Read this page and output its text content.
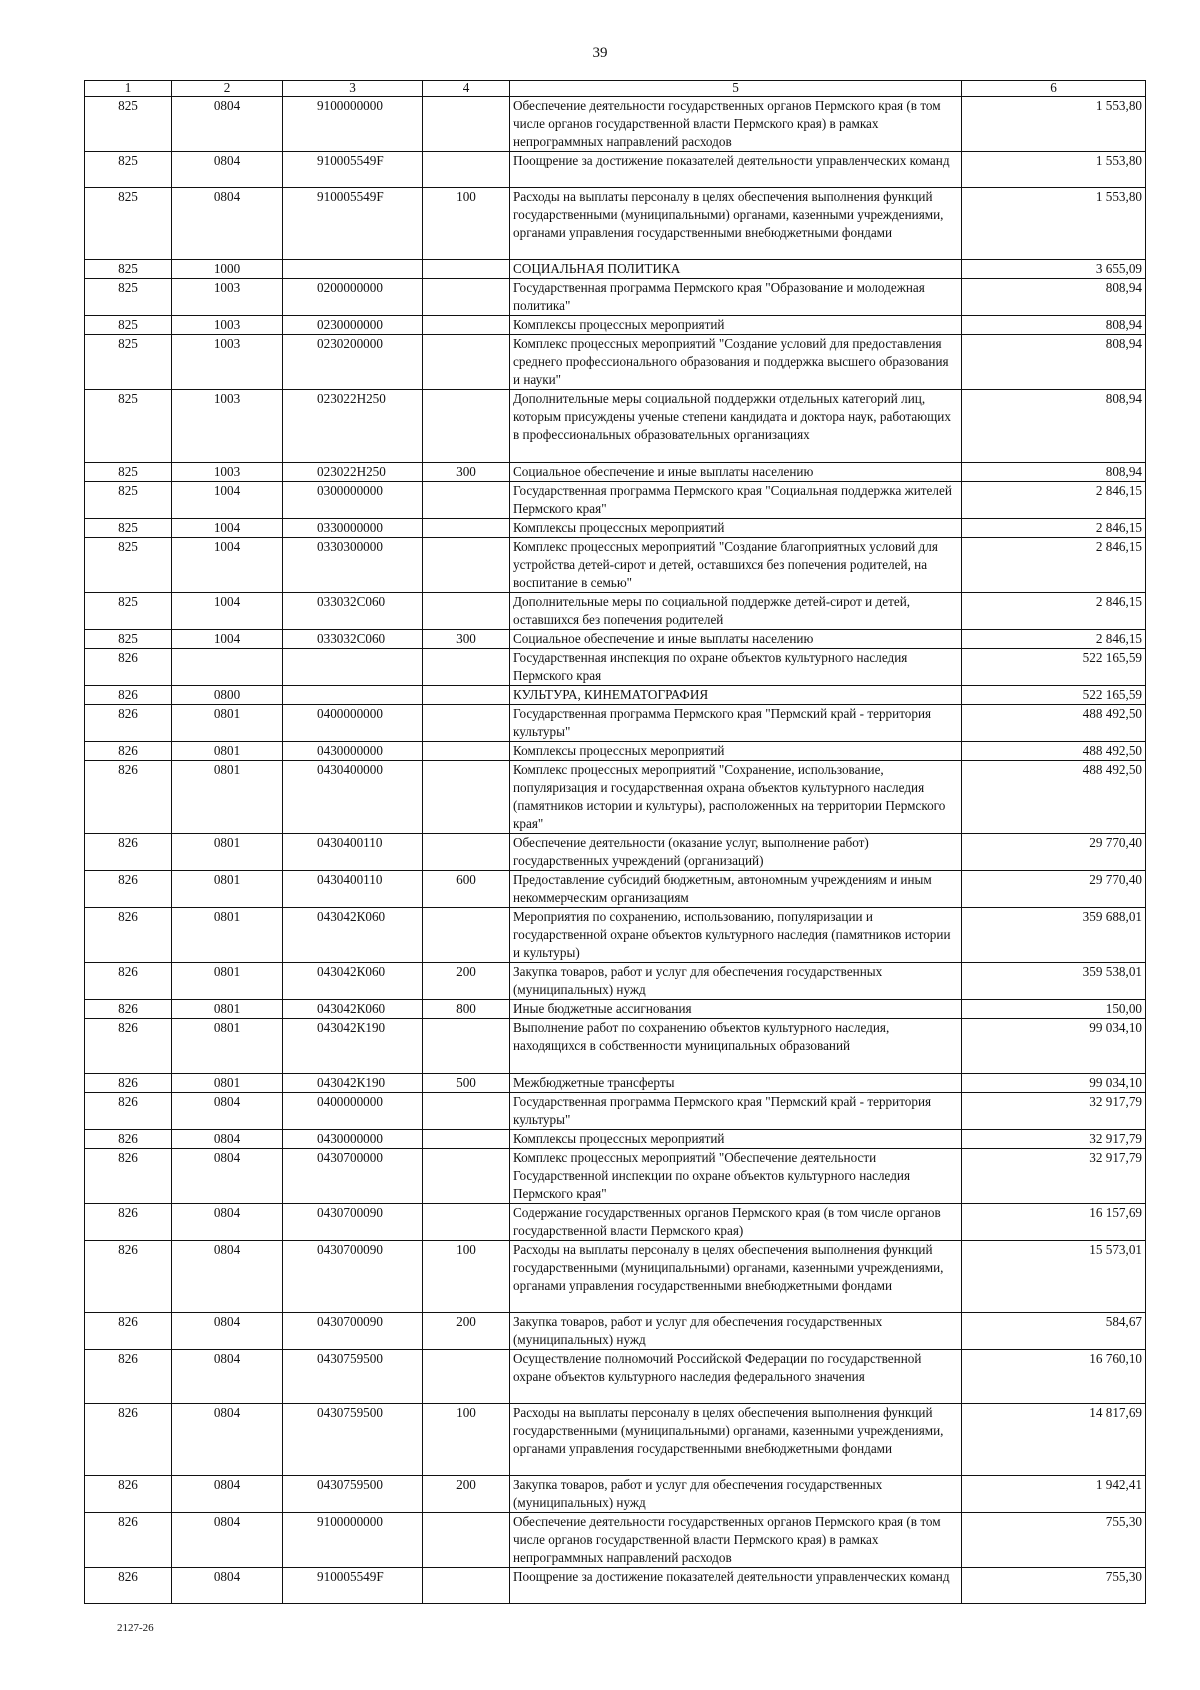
39
1	2	3	4	5	6
825	0804	9100000000		Обеспечение деятельности государственных органов Пермского края (в том числе органов государственной власти Пермского края) в рамках непрограммных направлений расходов	1 553,80
825	0804	910005549F		Поощрение за достижение показателей деятельности управленческих команд	1 553,80
825	0804	910005549F	100	Расходы на выплаты персоналу в целях обеспечения выполнения функций государственными (муниципальными) органами, казенными учреждениями, органами управления государственными внебюджетными фондами	1 553,80
825	1000			СОЦИАЛЬНАЯ ПОЛИТИКА	3 655,09
825	1003	0200000000		Государственная программа Пермского края "Образование и молодежная политика"	808,94
825	1003	0230000000		Комплексы процессных мероприятий	808,94
825	1003	0230200000		Комплекс процессных мероприятий "Создание условий для предоставления среднего профессионального образования и поддержка высшего образования и науки"	808,94
825	1003	023022Н250		Дополнительные меры социальной поддержки отдельных категорий лиц, которым присуждены ученые степени кандидата и доктора наук, работающих в профессиональных образовательных организациях	808,94
825	1003	023022Н250	300	Социальное обеспечение и иные выплаты населению	808,94
825	1004	0300000000		Государственная программа Пермского края "Социальная поддержка жителей Пермского края"	2 846,15
825	1004	0330000000		Комплексы процессных мероприятий	2 846,15
825	1004	0330300000		Комплекс процессных мероприятий "Создание благоприятных условий для устройства детей-сирот и детей, оставшихся без попечения родителей, на воспитание в семью"	2 846,15
825	1004	033032С060		Дополнительные меры по социальной поддержке детей-сирот и детей, оставшихся без попечения родителей	2 846,15
825	1004	033032С060	300	Социальное обеспечение и иные выплаты населению	2 846,15
826				Государственная инспекция по охране объектов культурного наследия Пермского края	522 165,59
826	0800			КУЛЬТУРА, КИНЕМАТОГРАФИЯ	522 165,59
826	0801	0400000000		Государственная программа Пермского края "Пермский край - территория культуры"	488 492,50
826	0801	0430000000		Комплексы процессных мероприятий	488 492,50
826	0801	0430400000		Комплекс процессных мероприятий "Сохранение, использование, популяризация и государственная охрана объектов культурного наследия (памятников истории и культуры), расположенных на территории Пермского края"	488 492,50
826	0801	0430400110		Обеспечение деятельности (оказание услуг, выполнение работ) государственных учреждений (организаций)	29 770,40
826	0801	0430400110	600	Предоставление субсидий бюджетным, автономным учреждениям и иным некоммерческим организациям	29 770,40
826	0801	043042К060		Мероприятия по сохранению, использованию, популяризации и государственной охране объектов культурного наследия (памятников истории и культуры)	359 688,01
826	0801	043042К060	200	Закупка товаров, работ и услуг для обеспечения государственных (муниципальных) нужд	359 538,01
826	0801	043042К060	800	Иные бюджетные ассигнования	150,00
826	0801	043042К190		Выполнение работ по сохранению объектов культурного наследия, находящихся в собственности муниципальных образований	99 034,10
826	0801	043042К190	500	Межбюджетные трансферты	99 034,10
826	0804	0400000000		Государственная программа Пермского края "Пермский край - территория культуры"	32 917,79
826	0804	0430000000		Комплексы процессных мероприятий	32 917,79
826	0804	0430700000		Комплекс процессных мероприятий "Обеспечение деятельности Государственной инспекции по охране объектов культурного наследия Пермского края"	32 917,79
826	0804	0430700090		Содержание государственных органов Пермского края (в том числе органов государственной власти Пермского края)	16 157,69
826	0804	0430700090	100	Расходы на выплаты персоналу в целях обеспечения выполнения функций государственными (муниципальными) органами, казенными учреждениями, органами управления государственными внебюджетными фондами	15 573,01
826	0804	0430700090	200	Закупка товаров, работ и услуг для обеспечения государственных (муниципальных) нужд	584,67
826	0804	0430759500		Осуществление полномочий Российской Федерации по государственной охране объектов культурного наследия федерального значения	16 760,10
826	0804	0430759500	100	Расходы на выплаты персоналу в целях обеспечения выполнения функций государственными (муниципальными) органами, казенными учреждениями, органами управления государственными внебюджетными фондами	14 817,69
826	0804	0430759500	200	Закупка товаров, работ и услуг для обеспечения государственных (муниципальных) нужд	1 942,41
826	0804	9100000000		Обеспечение деятельности государственных органов Пермского края (в том числе органов государственной власти Пермского края) в рамках непрограммных направлений расходов	755,30
826	0804	910005549F		Поощрение за достижение показателей деятельности управленческих команд	755,30
2127-26
